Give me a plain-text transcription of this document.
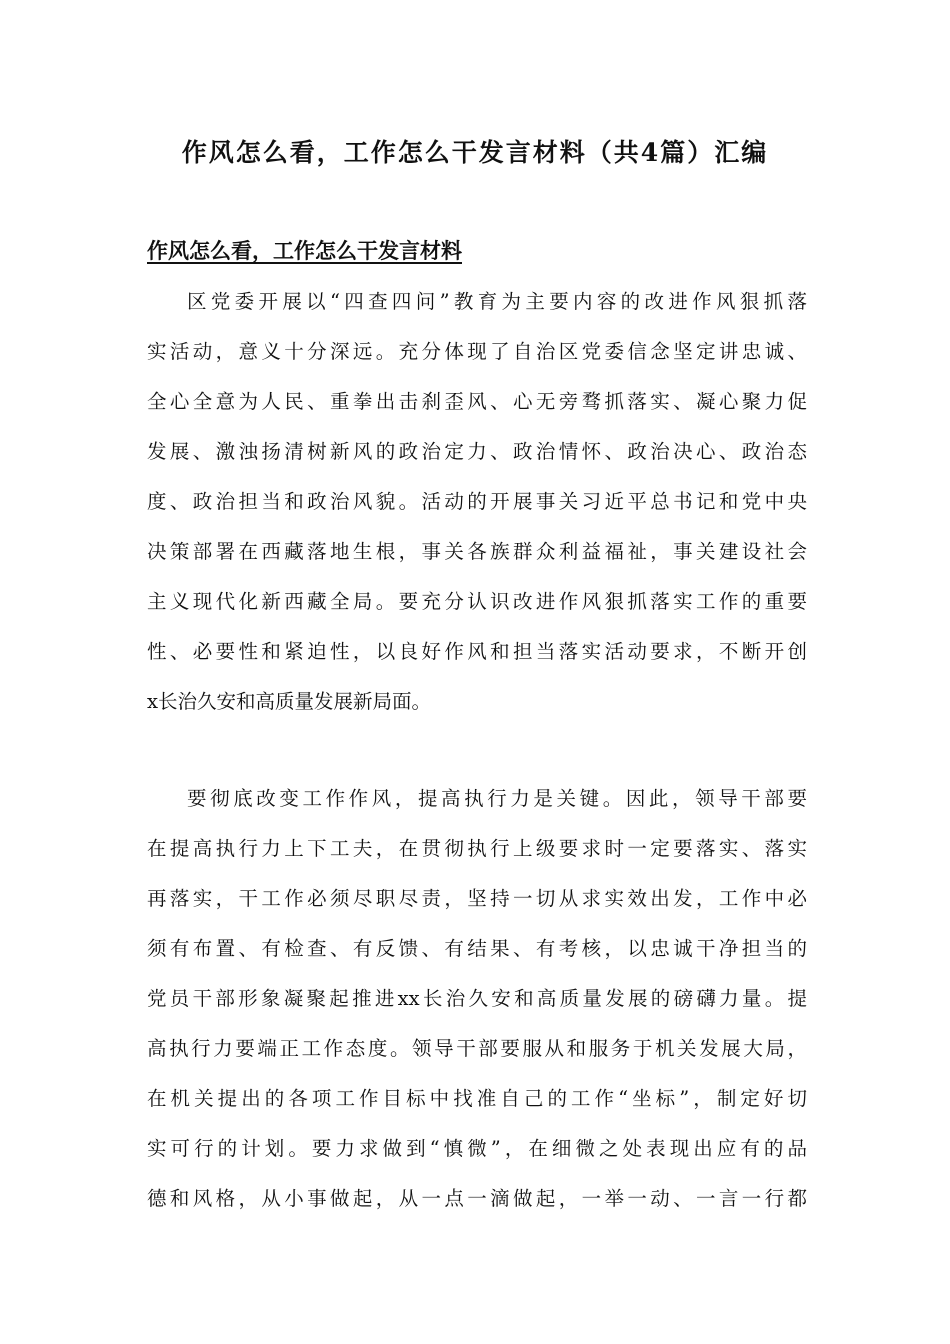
作风怎么看，工作怎么干发言材料（共4篇）汇编
作风怎么看，工作怎么干发言材料
区党委开展以“四查四问”教育为主要内容的改进作风狠抓落
实活动，意义十分深远。充分体现了自治区党委信念坚定讲忠诚、
全心全意为人民、重拳出击刹歪风、心无旁骛抓落实、凝心聚力促
发展、激浊扬清树新风的政治定力、政治情怀、政治决心、政治态
度、政治担当和政治风貌。活动的开展事关习近平总书记和党中央
决策部署在西藏落地生根，事关各族群众利益福祉，事关建设社会
主义现代化新西藏全局。要充分认识改进作风狠抓落实工作的重要
性、必要性和紧迫性，以良好作风和担当落实活动要求，不断开创
x长治久安和高质量发展新局面。
要彻底改变工作作风，提高执行力是关键。因此，领导干部要
在提高执行力上下工夫，在贯彻执行上级要求时一定要落实、落实
再落实，干工作必须尽职尽责，坚持一切从求实效出发，工作中必
须有布置、有检查、有反馈、有结果、有考核，以忠诚干净担当的
党员干部形象凝聚起推进xx长治久安和高质量发展的磅礴力量。提
高执行力要端正工作态度。领导干部要服从和服务于机关发展大局，
在机关提出的各项工作目标中找准自己的工作“坐标”，制定好切
实可行的计划。要力求做到“慎微”，在细微之处表现出应有的品
德和风格，从小事做起，从一点一滴做起，一举一动、一言一行都
